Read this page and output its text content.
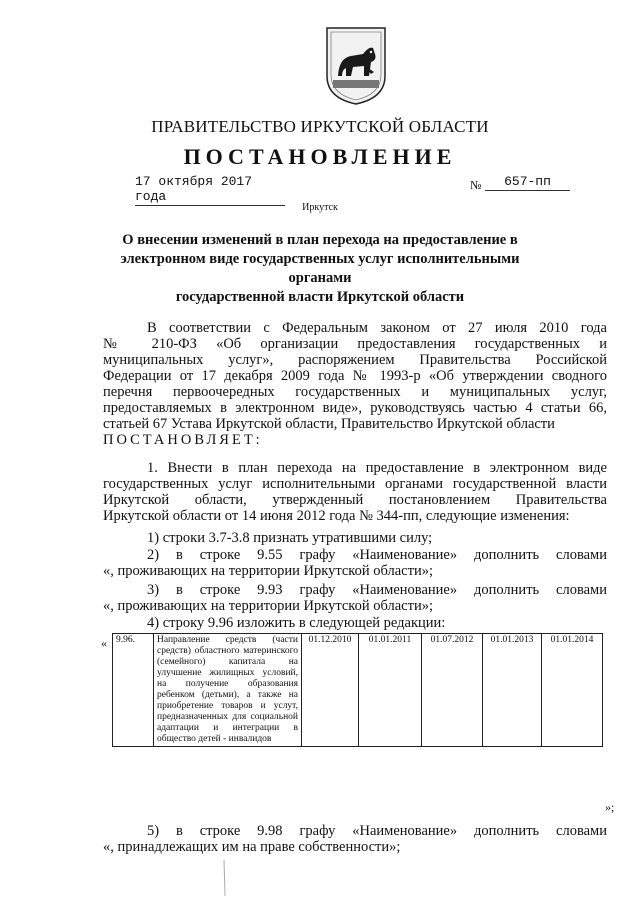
ПРАВИТЕЛЬСТВО ИРКУТСКОЙ ОБЛАСТИ
ПОСТАНОВЛЕНИЕ
17 октября 2017 года
№	657-пп
Иркутск
О внесении изменений в план перехода на предоставление в
электронном виде государственных услуг исполнительными органами
государственной власти Иркутской области
В соответствии с Федеральным законом от 27 июля 2010 года
№ 210-ФЗ «Об организации предоставления государственных и
муниципальных услуг», распоряжением Правительства Российской
Федерации от 17 декабря 2009 года № 1993-р «Об утверждении сводного
перечня первоочередных государственных и муниципальных услуг,
предоставляемых в электронном виде», руководствуясь частью 4 статьи 66,
статьей 67 Устава Иркутской области, Правительство Иркутской области
ПОСТАНОВЛЯЕТ:
1. Внести в план перехода на предоставление в электронном виде
государственных услуг исполнительными органами государственной власти
Иркутской области, утвержденный постановлением Правительства
Иркутской области от 14 июня 2012 года № 344-пп, следующие изменения:
1) строки 3.7-3.8 признать утратившими силу;
2) в строке 9.55 графу «Наименование» дополнить словами
«, проживающих на территории Иркутской области»;
3) в строке 9.93 графу «Наименование» дополнить словами
«, проживающих на территории Иркутской области»;
4) строку 9.96 изложить в следующей редакции:
« 9.96.	Направление средств (части средств) областного материнского (семейного) капитала на улучшение жилищных условий, на получение образования ребенком (детьми), а также на приобретение товаров и услут, предназначенных для социальной адаптации и интеграции в общество детей - инвалидов	01.12.2010	01.01.2011	01.07.2012	01.01.2013	01.01.2014
»;
5) в строке 9.98 графу «Наименование» дополнить словами
«, принадлежащих им на праве собственности»;
